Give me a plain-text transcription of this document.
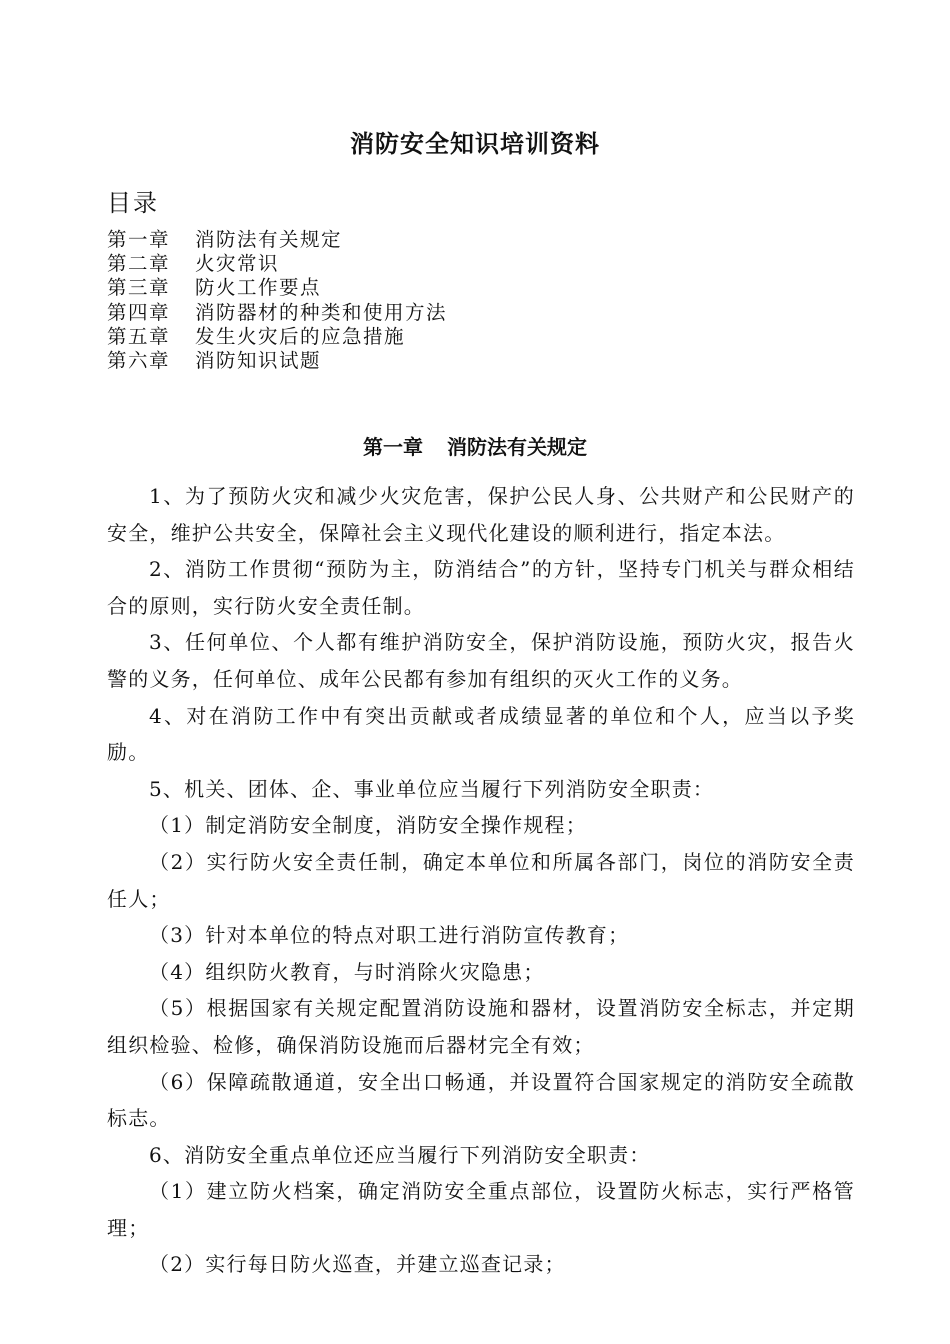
消防安全知识培训资料
目录
第一章 消防法有关规定
第二章 火灾常识
第三章 防火工作要点
第四章 消防器材的种类和使用方法
第五章 发生火灾后的应急措施
第六章 消防知识试题
第一章 消防法有关规定

1、为了预防火灾和减少火灾危害，保护公民人身、公共财产和公民财产的安全，维护公共安全，保障社会主义现代化建设的顺利进行，指定本法。

2、消防工作贯彻“预防为主，防消结合”的方针，坚持专门机关与群众相结合的原则，实行防火安全责任制。

3、任何单位、个人都有维护消防安全，保护消防设施，预防火灾，报告火警的义务，任何单位、成年公民都有参加有组织的灭火工作的义务。

4、对在消防工作中有突出贡献或者成绩显著的单位和个人，应当以予奖励。

5、机关、团体、企、事业单位应当履行下列消防安全职责：

（1）制定消防安全制度，消防安全操作规程；

（2）实行防火安全责任制，确定本单位和所属各部门，岗位的消防安全责任人；

（3）针对本单位的特点对职工进行消防宣传教育；

（4）组织防火教育，与时消除火灾隐患；

（5）根据国家有关规定配置消防设施和器材，设置消防安全标志，并定期组织检验、检修，确保消防设施而后器材完全有效；

（6）保障疏散通道，安全出口畅通，并设置符合国家规定的消防安全疏散标志。

6、消防安全重点单位还应当履行下列消防安全职责：

（1）建立防火档案，确定消防安全重点部位，设置防火标志，实行严格管理；

（2）实行每日防火巡查，并建立巡查记录；
